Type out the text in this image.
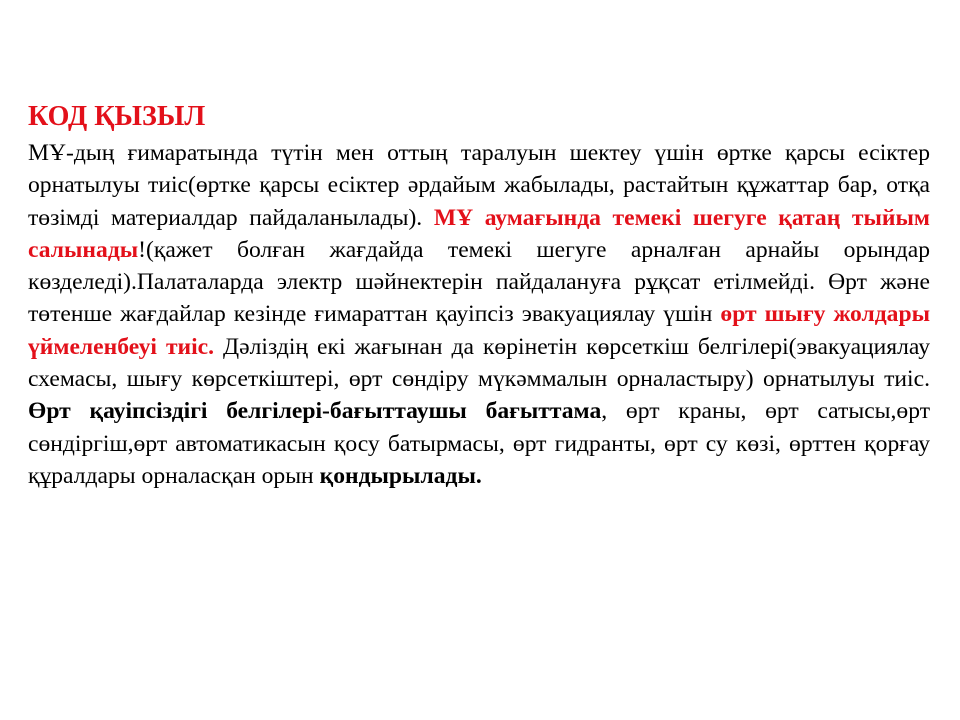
КОД ҚЫЗЫЛ

МҰ-дың ғимаратында түтін мен оттың таралуын шектеу үшін өртке қарсы есіктер орнатылуы тиіс(өртке қарсы есіктер әрдайым жабылады, растайтын құжаттар бар, отқа төзімді материалдар пайдаланылады). МҰ аумағында темекі шегуге қатаң тыйым салынады!(қажет болған жағдайда темекі шегуге арналған арнайы орындар көзделеді).Палаталарда электр шәйнектерін пайдалануға рұқсат етілмейді. Өрт және төтенше жағдайлар кезінде ғимараттан қауіпсіз эвакуациялау үшін өрт шығу жолдары үймеленбеуі тиіс. Дәліздің екі жағынан да көрінетін көрсеткіш белгілері(эвакуациялау схемасы, шығу көрсеткіштері, өрт сөндіру мүкәммалын орналастыру) орнатылуы тиіс. Өрт қауіпсіздігі белгілері-бағыттаушы бағыттама, өрт краны, өрт сатысы,өрт сөндіргіш,өрт автоматикасын қосу батырмасы, өрт гидранты, өрт су көзі, өрттен қорғау құралдары орналасқан орын қондырылады.
